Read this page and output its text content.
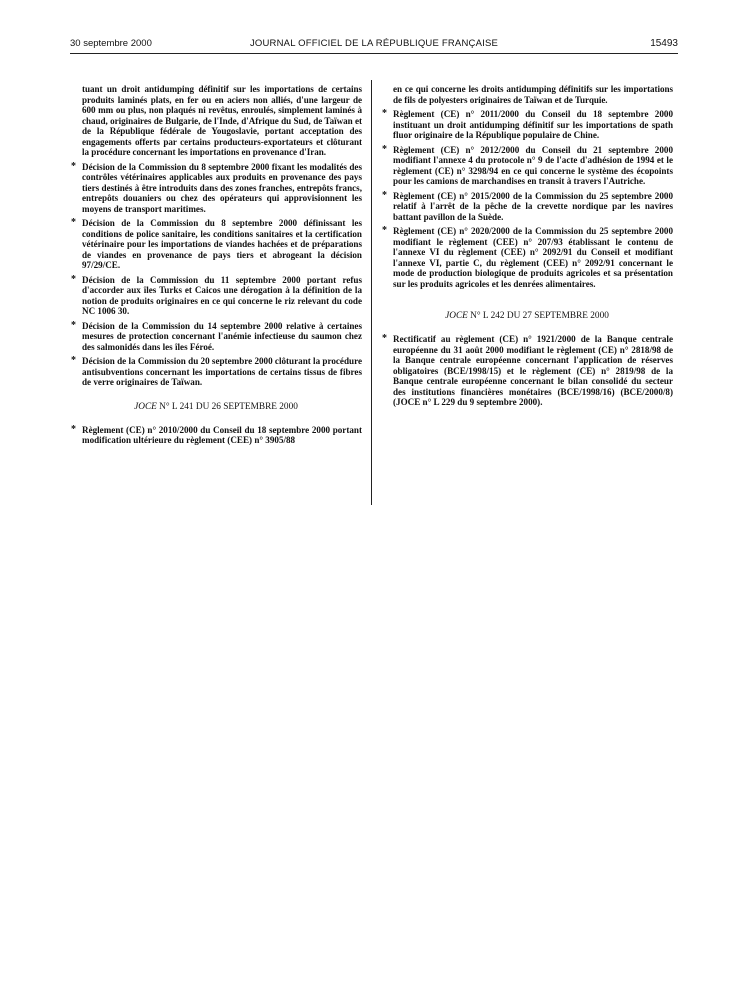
30 septembre 2000	JOURNAL OFFICIEL DE LA RÉPUBLIQUE FRANÇAISE	15493

tuant un droit antidumping définitif sur les importations de certains produits laminés plats, en fer ou en aciers non alliés, d'une largeur de 600 mm ou plus, non plaqués ni revêtus, enroulés, simplement laminés à chaud, originaires de Bulgarie, de l'Inde, d'Afrique du Sud, de Taïwan et de la République fédérale de Yougoslavie, portant acceptation des engagements offerts par certains producteurs-exportateurs et clôturant la procédure concernant les importations en provenance d'Iran.

* Décision de la Commission du 8 septembre 2000 fixant les modalités des contrôles vétérinaires applicables aux produits en provenance des pays tiers destinés à être introduits dans des zones franches, entrepôts francs, entrepôts douaniers ou chez des opérateurs qui approvisionnent les moyens de transport maritimes.
* Décision de la Commission du 8 septembre 2000 définissant les conditions de police sanitaire, les conditions sanitaires et la certification vétérinaire pour les importations de viandes hachées et de préparations de viandes en provenance de pays tiers et abrogeant la décision 97/29/CE.
* Décision de la Commission du 11 septembre 2000 portant refus d'accorder aux îles Turks et Caicos une dérogation à la définition de la notion de produits originaires en ce qui concerne le riz relevant du code NC 1006 30.
* Décision de la Commission du 14 septembre 2000 relative à certaines mesures de protection concernant l'anémie infectieuse du saumon chez des salmonidés dans les îles Féroé.
* Décision de la Commission du 20 septembre 2000 clôturant la procédure antisubventions concernant les importations de certains tissus de fibres de verre originaires de Taïwan.
JOCE N° L 241 DU 26 SEPTEMBRE 2000
* Règlement (CE) n° 2010/2000 du Conseil du 18 septembre 2000 portant modification ultérieure du règlement (CEE) n° 3905/88

en ce qui concerne les droits antidumping définitifs sur les importations de fils de polyesters originaires de Taïwan et de Turquie.

* Règlement (CE) n° 2011/2000 du Conseil du 18 septembre 2000 instituant un droit antidumping définitif sur les importations de spath fluor originaire de la République populaire de Chine.
* Règlement (CE) n° 2012/2000 du Conseil du 21 septembre 2000 modifiant l'annexe 4 du protocole n° 9 de l'acte d'adhésion de 1994 et le règlement (CE) n° 3298/94 en ce qui concerne le système des écopoints pour les camions de marchandises en transit à travers l'Autriche.
* Règlement (CE) n° 2015/2000 de la Commission du 25 septembre 2000 relatif à l'arrêt de la pêche de la crevette nordique par les navires battant pavillon de la Suède.
* Règlement (CE) n° 2020/2000 de la Commission du 25 septembre 2000 modifiant le règlement (CEE) n° 207/93 établissant le contenu de l'annexe VI du règlement (CEE) n° 2092/91 du Conseil et modifiant l'annexe VI, partie C, du règlement (CEE) n° 2092/91 concernant le mode de production biologique de produits agricoles et sa présentation sur les produits agricoles et les denrées alimentaires.
JOCE N° L 242 DU 27 SEPTEMBRE 2000
* Rectificatif au règlement (CE) n° 1921/2000 de la Banque centrale européenne du 31 août 2000 modifiant le règlement (CE) n° 2818/98 de la Banque centrale européenne concernant l'application de réserves obligatoires (BCE/1998/15) et le règlement (CE) n° 2819/98 de la Banque centrale européenne concernant le bilan consolidé du secteur des institutions financières monétaires (BCE/1998/16) (BCE/2000/8) (JOCE n° L 229 du 9 septembre 2000).
